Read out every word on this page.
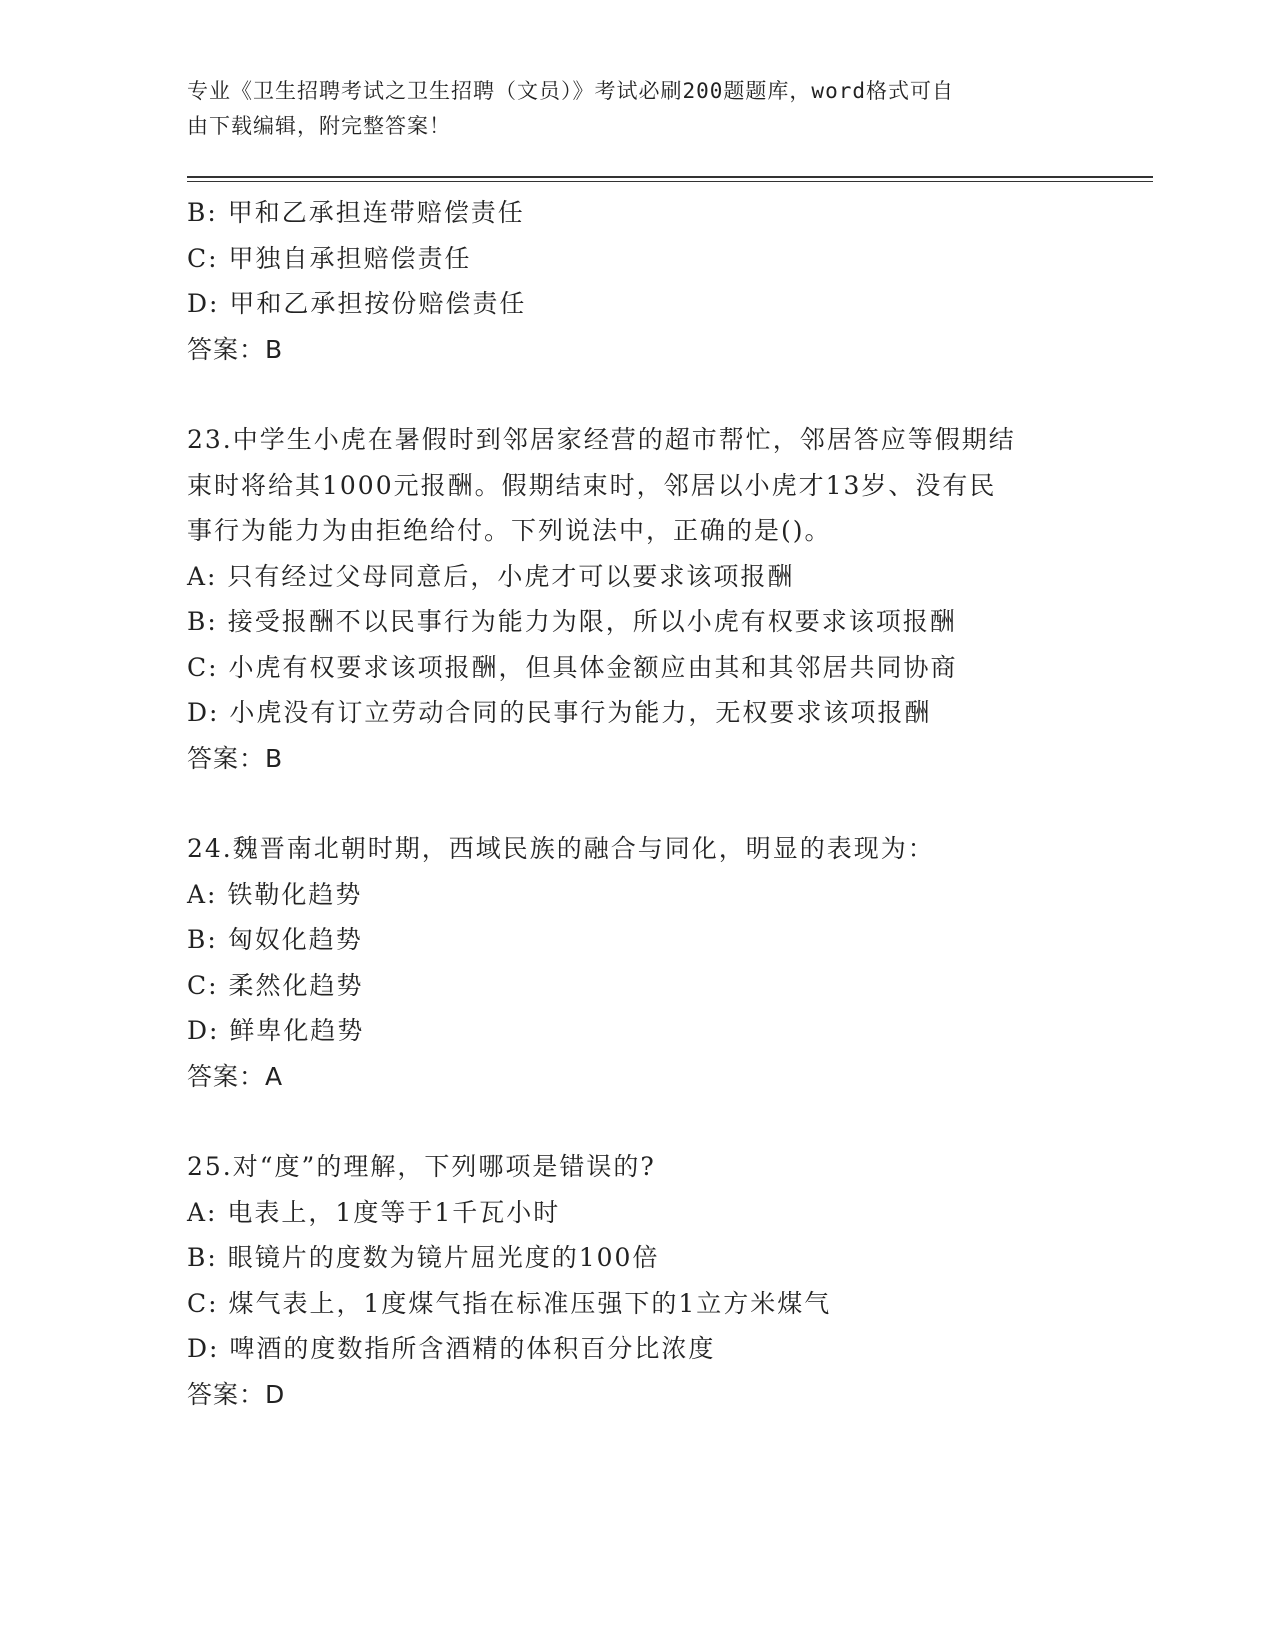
专业《卫生招聘考试之卫生招聘（文员）》考试必刷200题题库，word格式可自
由下载编辑，附完整答案！
B: 甲和乙承担连带赔偿责任
C: 甲独自承担赔偿责任
D: 甲和乙承担按份赔偿责任
答案：B
23.中学生小虎在暑假时到邻居家经营的超市帮忙，邻居答应等假期结
束时将给其1000元报酬。假期结束时，邻居以小虎才13岁、没有民
事行为能力为由拒绝给付。下列说法中，正确的是()。
A: 只有经过父母同意后，小虎才可以要求该项报酬
B: 接受报酬不以民事行为能力为限，所以小虎有权要求该项报酬
C: 小虎有权要求该项报酬，但具体金额应由其和其邻居共同协商
D: 小虎没有订立劳动合同的民事行为能力，无权要求该项报酬
答案：B
24.魏晋南北朝时期，西域民族的融合与同化，明显的表现为：
A: 铁勒化趋势
B: 匈奴化趋势
C: 柔然化趋势
D: 鲜卑化趋势
答案：A
25.对“度”的理解，下列哪项是错误的?
A: 电表上，1度等于1千瓦小时
B: 眼镜片的度数为镜片屈光度的100倍
C: 煤气表上，1度煤气指在标准压强下的1立方米煤气
D: 啤酒的度数指所含酒精的体积百分比浓度
答案：D
